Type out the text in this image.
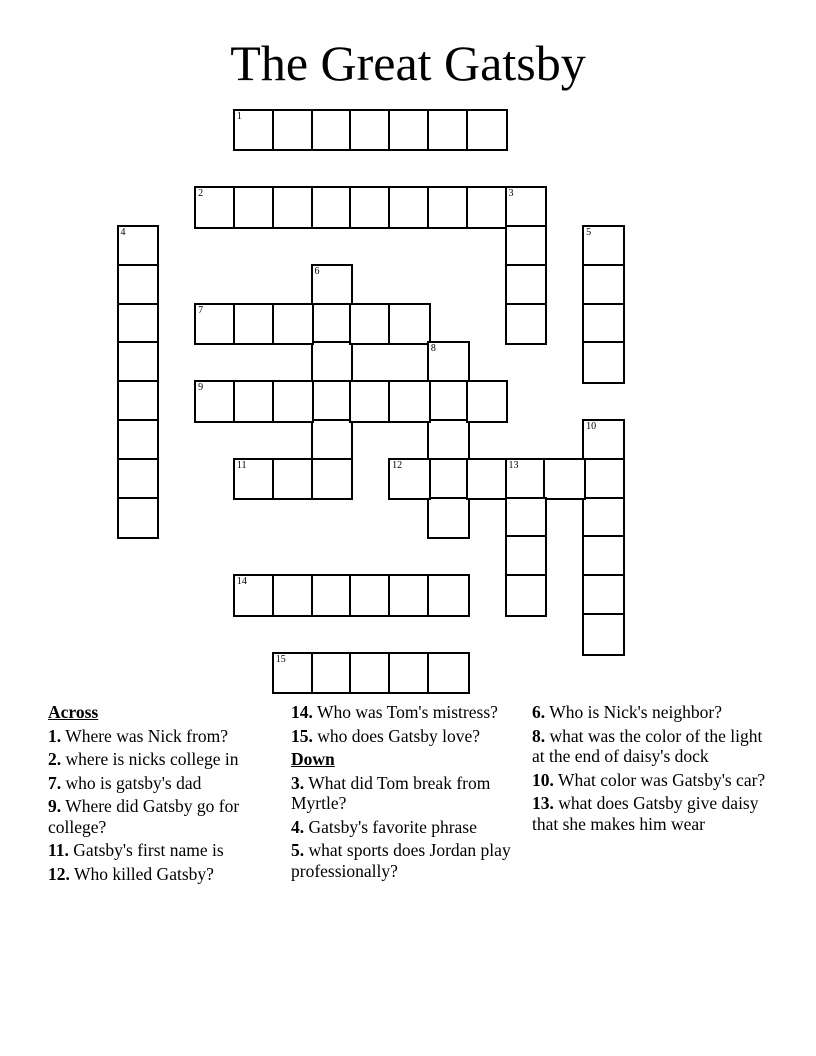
The Great Gatsby
1
2	3
4	5
6
7
8
9
10
11	12	13
14
15
Across
1. Where was Nick from?
2. where is nicks college in
7. who is gatsby's dad
9. Where did Gatsby go for college?
11. Gatsby's first name is
12. Who killed Gatsby?
14. Who was Tom's mistress?
15. who does Gatsby love?
Down
3. What did Tom break from Myrtle?
4. Gatsby's favorite phrase
5. what sports does Jordan play professionally?
6. Who is Nick's neighbor?
8. what was the color of the light at the end of daisy's dock
10. What color was Gatsby's car?
13. what does Gatsby give daisy that she makes him wear
